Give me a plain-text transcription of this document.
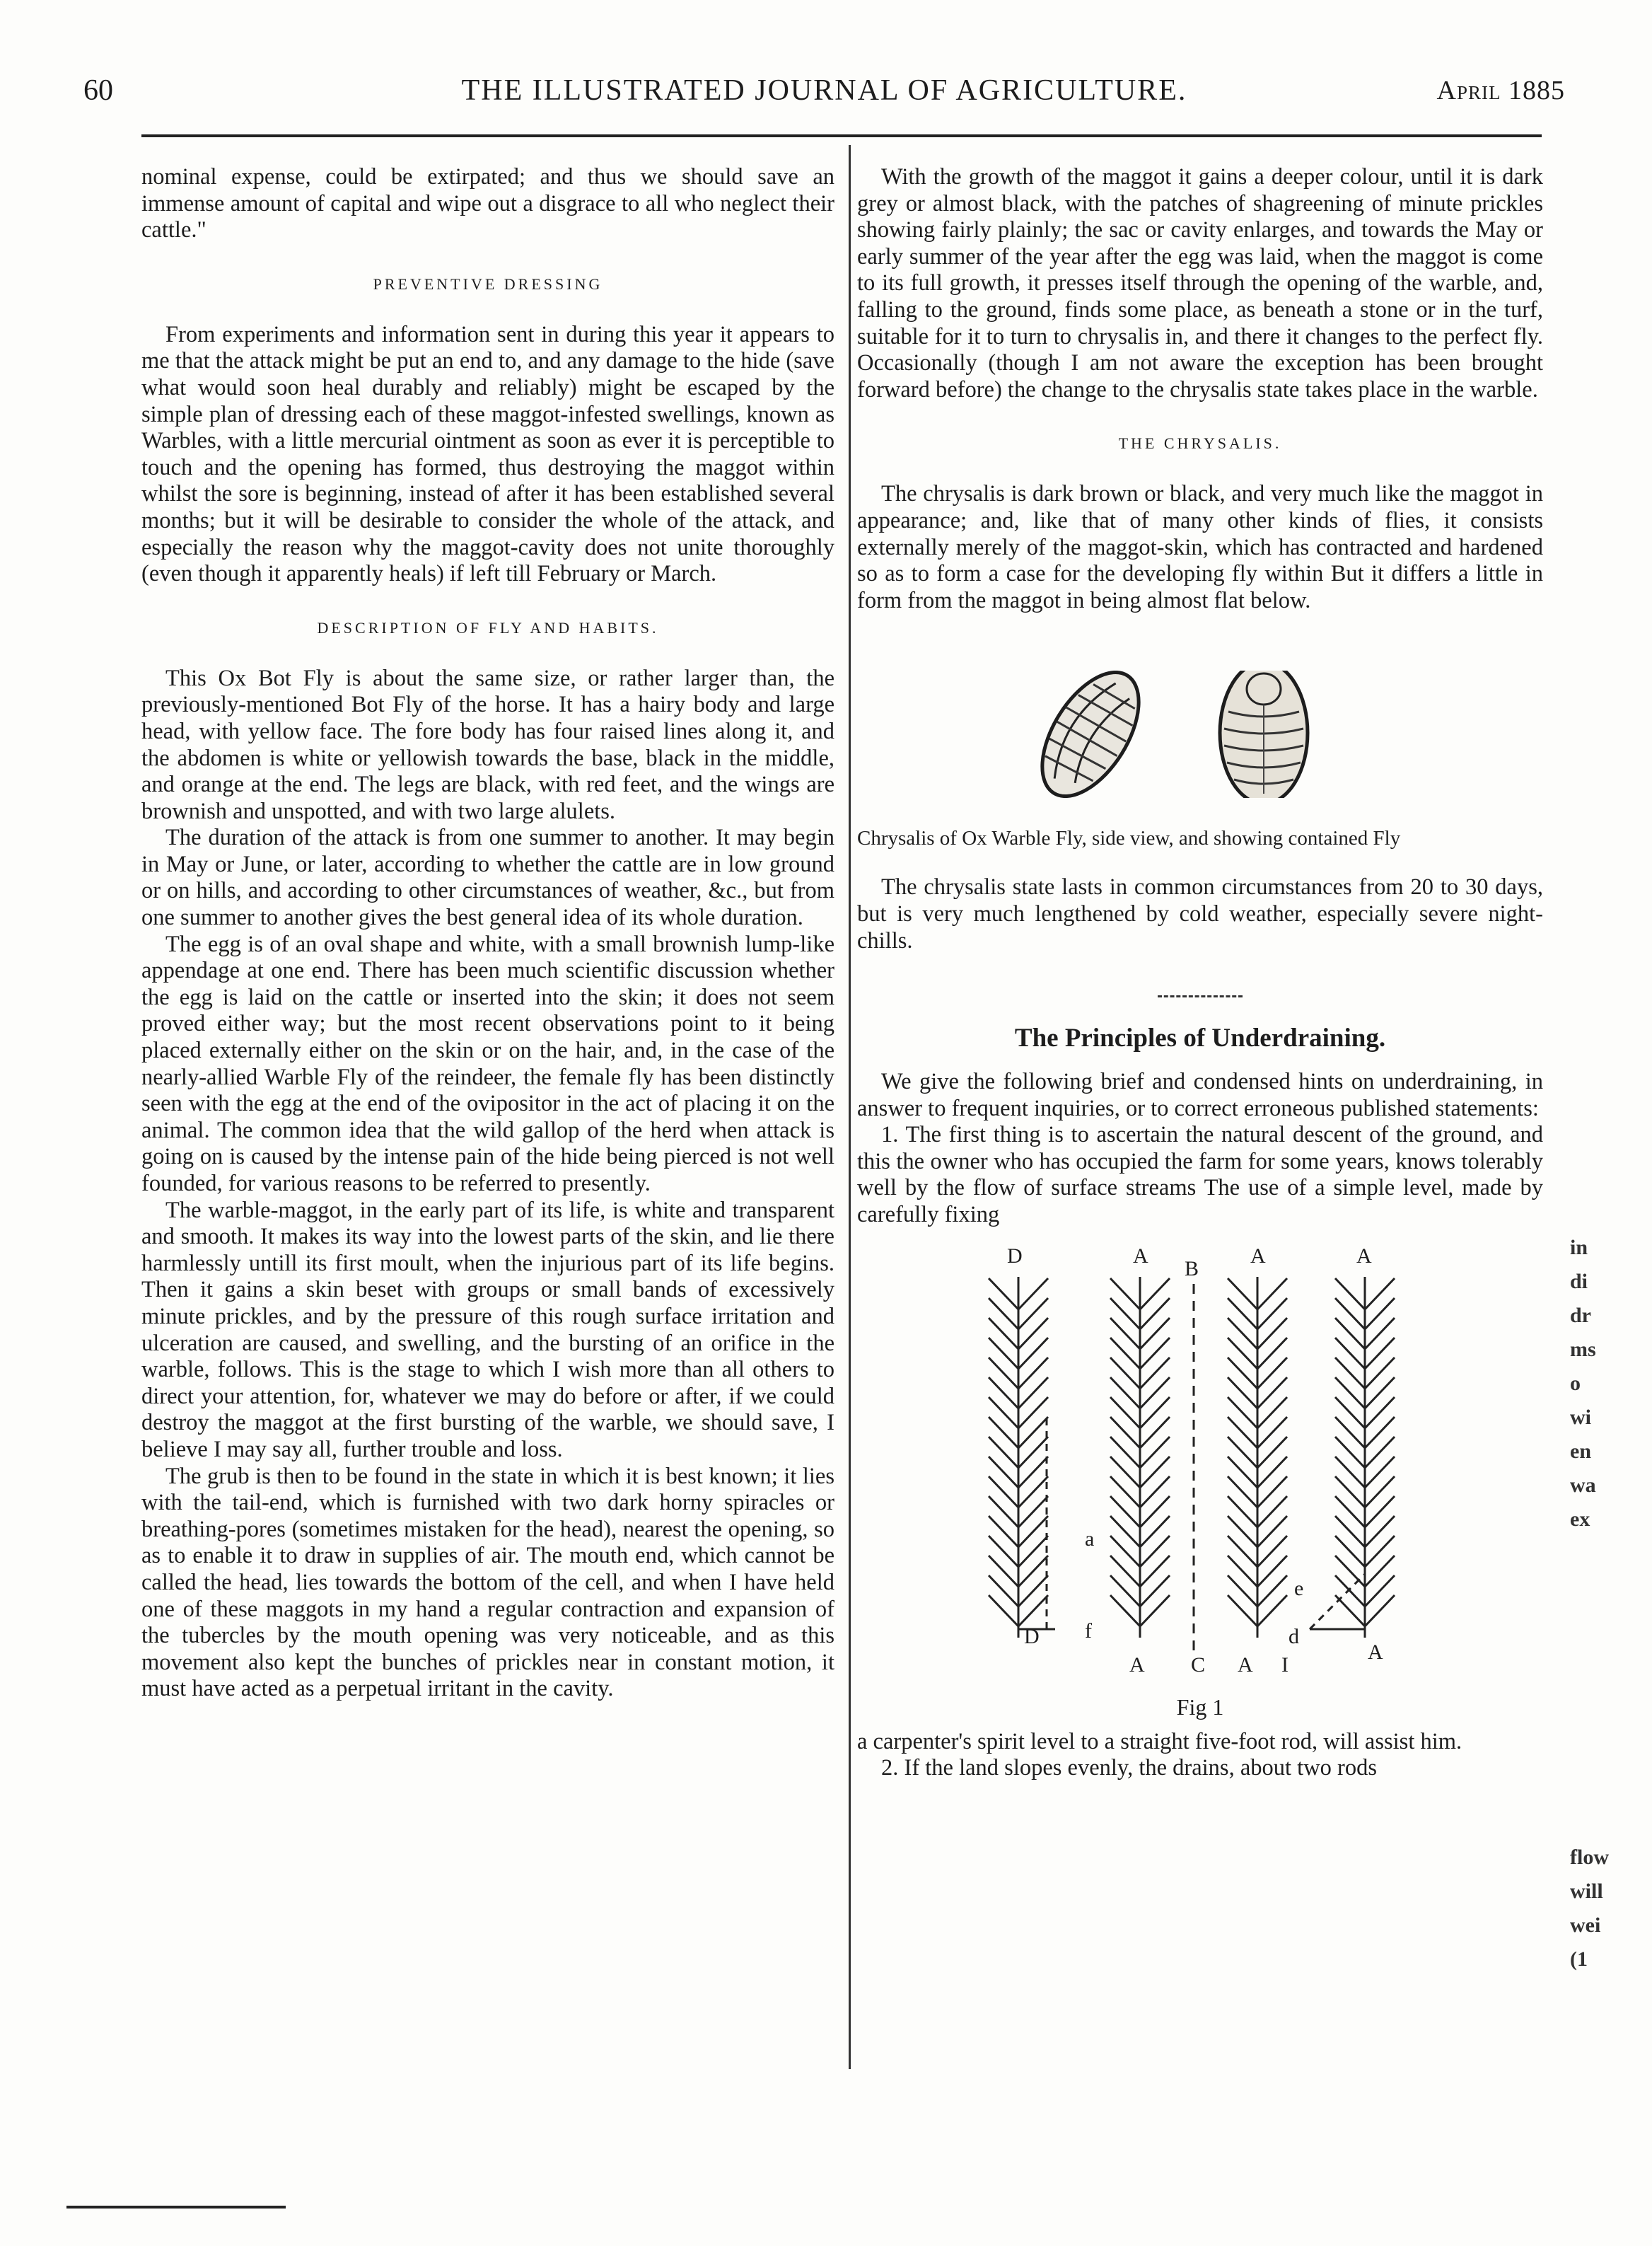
60	THE ILLUSTRATED JOURNAL OF AGRICULTURE.	April 1885

nominal expense, could be extirpated; and thus we should save an immense amount of capital and wipe out a disgrace to all who neglect their cattle."

PREVENTIVE DRESSING

From experiments and information sent in during this year it appears to me that the attack might be put an end to, and any damage to the hide (save what would soon heal durably and reliably) might be escaped by the simple plan of dressing each of these maggot-infested swellings, known as Warbles, with a little mercurial ointment as soon as ever it is perceptible to touch and the opening has formed, thus destroying the maggot within whilst the sore is beginning, instead of after it has been established several months; but it will be desirable to consider the whole of the attack, and especially the reason why the maggot-cavity does not unite thoroughly (even though it apparently heals) if left till February or March.

DESCRIPTION OF FLY AND HABITS.

This Ox Bot Fly is about the same size, or rather larger than, the previously-mentioned Bot Fly of the horse. It has a hairy body and large head, with yellow face. The fore body has four raised lines along it, and the abdomen is white or yellowish towards the base, black in the middle, and orange at the end. The legs are black, with red feet, and the wings are brownish and unspotted, and with two large alulets.

The duration of the attack is from one summer to another. It may begin in May or June, or later, according to whether the cattle are in low ground or on hills, and according to other circumstances of weather, &c., but from one summer to another gives the best general idea of its whole duration.

The egg is of an oval shape and white, with a small brownish lump-like appendage at one end. There has been much scientific discussion whether the egg is laid on the cattle or inserted into the skin; it does not seem proved either way; but the most recent observations point to it being placed externally either on the skin or on the hair, and, in the case of the nearly-allied Warble Fly of the reindeer, the female fly has been distinctly seen with the egg at the end of the ovipositor in the act of placing it on the animal. The common idea that the wild gallop of the herd when attack is going on is caused by the intense pain of the hide being pierced is not well founded, for various reasons to be referred to presently.

The warble-maggot, in the early part of its life, is white and transparent and smooth. It makes its way into the lowest parts of the skin, and lie there harmlessly untill its first moult, when the injurious part of its life begins. Then it gains a skin beset with groups or small bands of excessively minute prickles, and by the pressure of this rough surface irritation and ulceration are caused, and swelling, and the bursting of an orifice in the warble, follows. This is the stage to which I wish more than all others to direct your attention, for, whatever we may do before or after, if we could destroy the maggot at the first bursting of the warble, we should save, I believe I may say all, further trouble and loss.

The grub is then to be found in the state in which it is best known; it lies with the tail-end, which is furnished with two dark horny spiracles or breathing-pores (sometimes mistaken for the head), nearest the opening, so as to enable it to draw in supplies of air. The mouth end, which cannot be called the head, lies towards the bottom of the cell, and when I have held one of these maggots in my hand a regular contraction and expansion of the tubercles by the mouth opening was very noticeable, and as this movement also kept the bunches of prickles near in constant motion, it must have acted as a perpetual irritant in the cavity.

With the growth of the maggot it gains a deeper colour, until it is dark grey or almost black, with the patches of shagreening of minute prickles showing fairly plainly; the sac or cavity enlarges, and towards the May or early summer of the year after the egg was laid, when the maggot is come to its full growth, it presses itself through the opening of the warble, and, falling to the ground, finds some place, as beneath a stone or in the turf, suitable for it to turn to chrysalis in, and there it changes to the perfect fly. Occasionally (though I am not aware the exception has been brought forward before) the change to the chrysalis state takes place in the warble.

THE CHRYSALIS.

The chrysalis is dark brown or black, and very much like the maggot in appearance; and, like that of many other kinds of flies, it consists externally merely of the maggot-skin, which has contracted and hardened so as to form a case for the developing fly within But it differs a little in form from the maggot in being almost flat below.

Chrysalis of Ox Warble Fly, side view, and showing contained Fly

The chrysalis state lasts in common circumstances from 20 to 30 days, but is very much lengthened by cold weather, especially severe night-chills.

The Principles of Underdraining.

We give the following brief and condensed hints on underdraining, in answer to frequent inquiries, or to correct erroneous published statements:

1. The first thing is to ascertain the natural descent of the ground, and this the owner who has occupied the farm for some years, knows tolerably well by the flow of surface streams The use of a simple level, made by carefully fixing

D	A
B
A	A
a
f
e
d
D
A C A I
A
Fig 1

a carpenter's spirit level to a straight five-foot rod, will assist him.

2. If the land slopes evenly, the drains, about two rods

in
di
dr
ms
o
wi
en
wa
ex
flow
will
wei
(1
